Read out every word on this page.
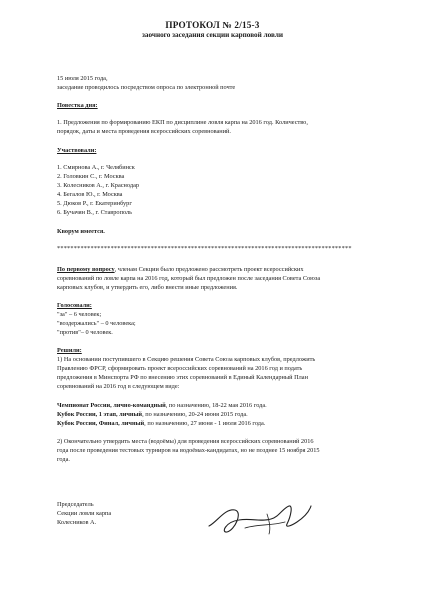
ПРОТОКОЛ № 2/15-3
заочного заседания секции карповой ловли

15 июля 2015 года,

заседание проводилось посредством опроса по электронной почте

Повестка дня:

1. Предложения по формированию ЕКП по дисциплине ловля карпа на 2016 год. Количество,

порядок, даты и места проведения всероссийских соревнований.

Участвовали:

1. Смирнова А., г. Челябинск

2. Головкин С., г. Москва

3. Колесников А., г. Краснодар

4. Бегалов Ю., г. Москва

5. Дюков Р., г. Екатеринбург

6. Бучачян В., г. Ставрополь

Кворум имеется.

****************************************************************************************

По первому вопросу, членам Секции было предложено рассмотреть проект всероссийских

соревнований по ловле карпа на 2016 год, который был предложен после заседания Совета Союза

карповых клубов, и утвердить его, либо внести иные предложения.

Голосовали:

"за" – 6 человек;

"воздержались" – 0 человека;

"против"– 0 человек.

Решили:

1) На основании поступившего в Секцию решения Совета Союза карповых клубов, предложить

Правлению ФРСР, сформировать проект всероссийских соревнований на 2016 год и подать

предложения в Минспорта РФ по внесению этих соревнований в Единый Календарный План

соревнований на 2016 год в следующем виде:

Чемпионат России, лично-командный, по назначению, 18-22 мая 2016 года.

Кубок России, 1 этап, личный, по назначению, 20-24 июня 2015 года.

Кубок России, Финал, личный, по назначению, 27 июня - 1 июля 2016 года.

2) Окончательно утвердить места (водоёмы) для проведения всероссийских соревнований 2016

года после проведения тестовых турниров на водоёмах-кандидатах, но не позднее 15 ноября 2015

года.

Председатель

Секции ловли карпа

Колесников А.
